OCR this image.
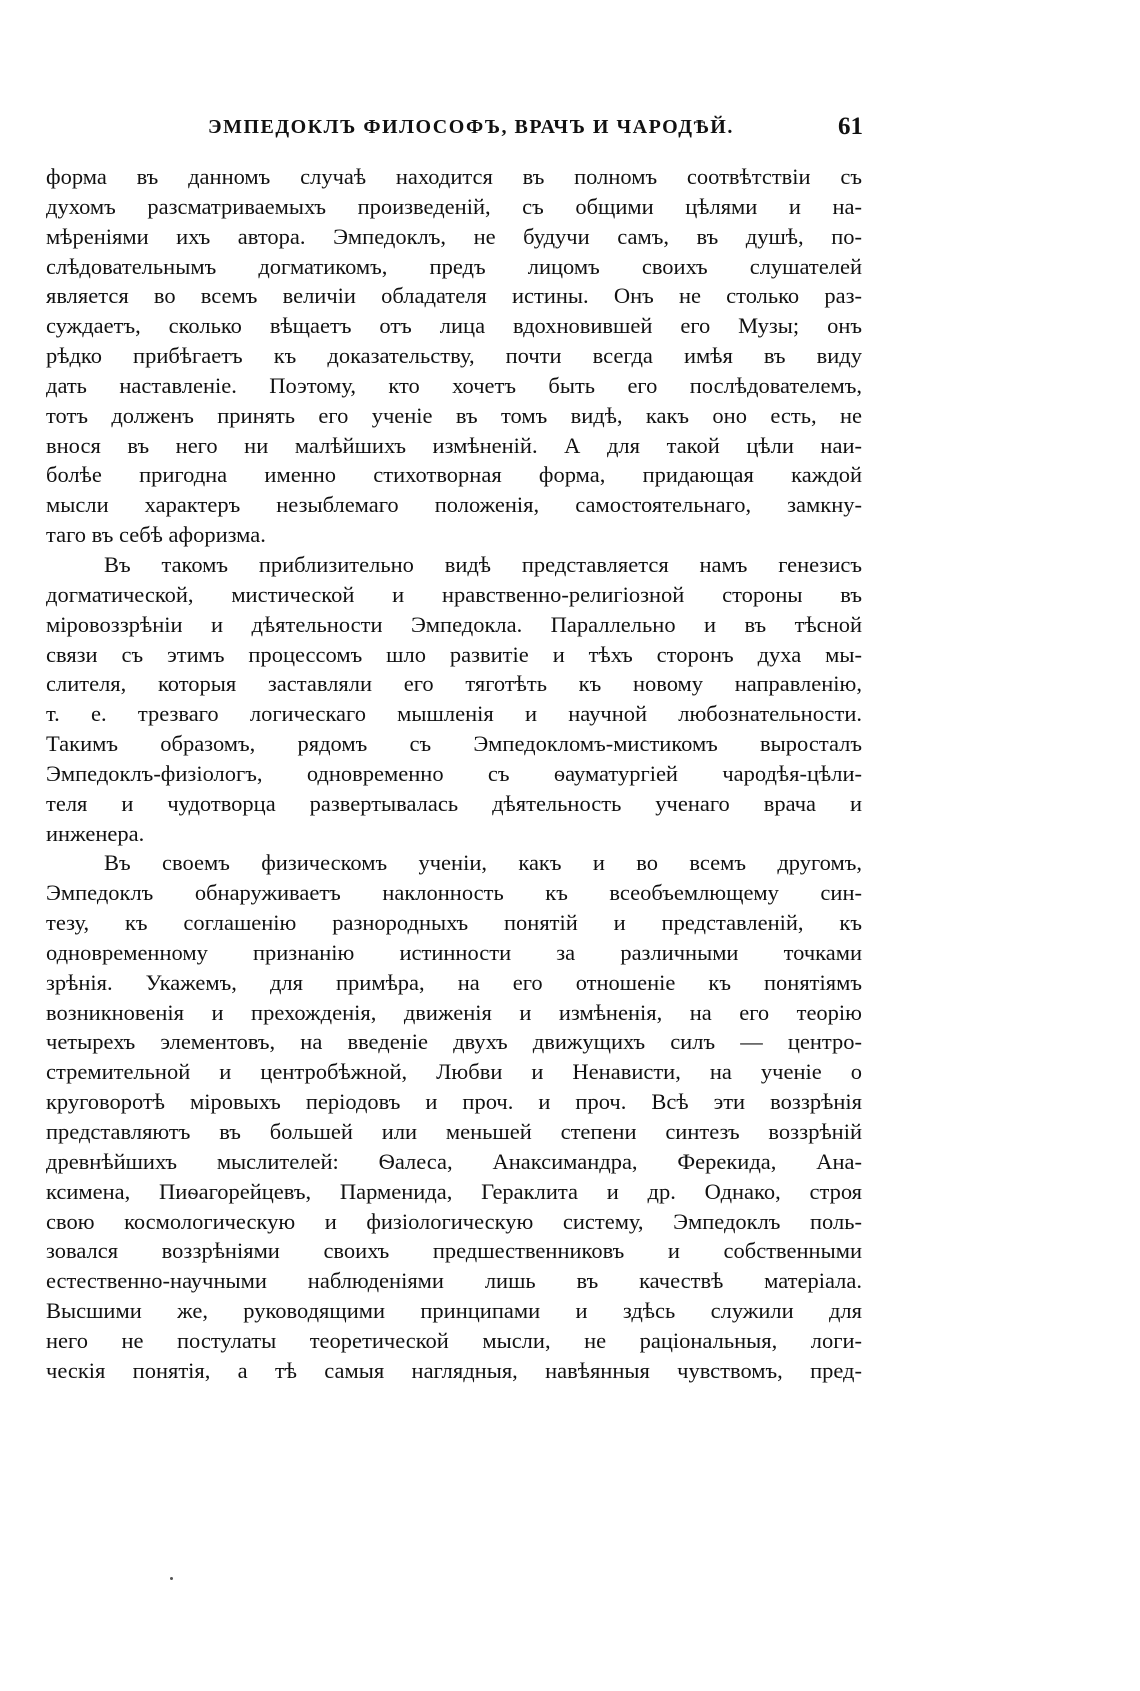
ЭМПЕДОКЛЪ ФИЛОСОФЪ, ВРАЧЪ И ЧАРОДѢЙ.	61
форма въ данномъ случаѣ находится въ полномъ соотвѣтствіи съ
духомъ разсматриваемыхъ произведеній, съ общими цѣлями и на-
мѣреніями ихъ автора. Эмпедоклъ, не будучи самъ, въ душѣ, по-
слѣдовательнымъ догматикомъ, предъ лицомъ своихъ слушателей
является во всемъ величіи обладателя истины. Онъ не столько раз-
суждаетъ, сколько вѣщаетъ отъ лица вдохновившей его Музы; онъ
рѣдко прибѣгаетъ къ доказательству, почти всегда имѣя въ виду
дать наставленіе. Поэтому, кто хочетъ быть его послѣдователемъ,
тотъ долженъ принять его ученіе въ томъ видѣ, какъ оно есть, не
внося въ него ни малѣйшихъ измѣненій. А для такой цѣли наи-
болѣе пригодна именно стихотворная форма, придающая каждой
мысли характеръ незыблемаго положенія, самостоятельнаго, замкну-
таго въ себѣ афоризма.
Въ такомъ приблизительно видѣ представляется намъ генезисъ
догматической, мистической и нравственно-религіозной стороны въ
міровоззрѣніи и дѣятельности Эмпедокла. Параллельно и въ тѣсной
связи съ этимъ процессомъ шло развитіе и тѣхъ сторонъ духа мы-
слителя, которыя заставляли его тяготѣть къ новому направленію,
т. е. трезваго логическаго мышленія и научной любознательности.
Такимъ образомъ, рядомъ съ Эмпедокломъ-мистикомъ выросталъ
Эмпедоклъ-физіологъ, одновременно съ ѳауматургіей чародѣя-цѣли-
теля и чудотворца развертывалась дѣятельность ученаго врача и
инженера.
Въ своемъ физическомъ ученіи, какъ и во всемъ другомъ,
Эмпедоклъ обнаруживаетъ наклонность къ всеобъемлющему син-
тезу, къ соглашенію разнородныхъ понятій и представленій, къ
одновременному признанію истинности за различными точками
зрѣнія. Укажемъ, для примѣра, на его отношеніе къ понятіямъ
возникновенія и прехожденія, движенія и измѣненія, на его теорію
четырехъ элементовъ, на введеніе двухъ движущихъ силъ — центро-
стремительной и центробѣжной, Любви и Ненависти, на ученіе о
круговоротѣ міровыхъ періодовъ и проч. и проч. Всѣ эти воззрѣнія
представляютъ въ большей или меньшей степени синтезъ воззрѣній
древнѣйшихъ мыслителей: Ѳалеса, Анаксимандра, Ферекида, Ана-
ксимена, Пиѳагорейцевъ, Парменида, Гераклита и др. Однако, строя
свою космологическую и физіологическую систему, Эмпедоклъ поль-
зовался воззрѣніями своихъ предшественниковъ и собственными
естественно-научными наблюденіями лишь въ качествѣ матеріала.
Высшими же, руководящими принципами и здѣсь служили для
него не постулаты теоретической мысли, не раціональныя, логи-
ческія понятія, а тѣ самыя наглядныя, навѣянныя чувствомъ, пред-
